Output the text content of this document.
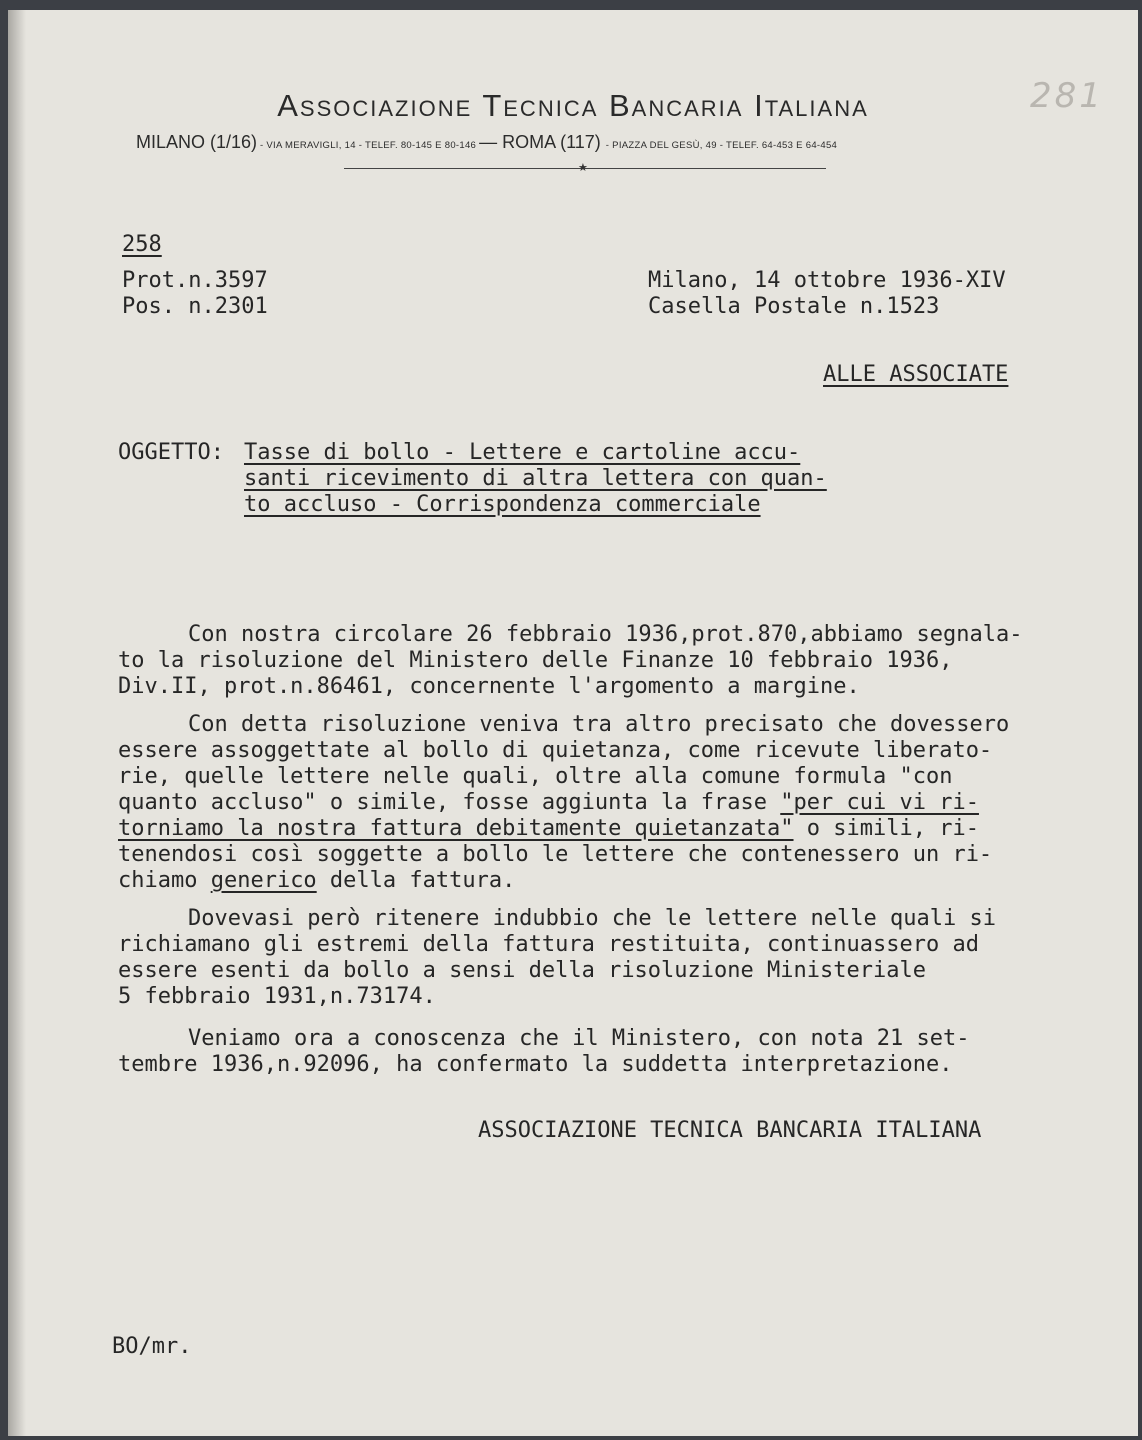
Associazione Tecnica Bancaria Italiana
MILANO (1/16) - VIA MERAVIGLI, 14 - TELEF. 80-145 E 80-146 — ROMA (117) - PIAZZA DEL GESÙ, 49 - TELEF. 64-453 E 64-454
★
281
258
Prot.n.3597
Pos. n.2301
Milano, 14 ottobre 1936-XIV
Casella Postale n.1523
ALLE ASSOCIATE
OGGETTO: Tasse di bollo - Lettere e cartoline accu-
santi ricevimento di altra lettera con quan-
to accluso - Corrispondenza commerciale
Con nostra circolare 26 febbraio 1936,prot.870,abbiamo segnala-
to la risoluzione del Ministero delle Finanze 10 febbraio 1936,
Div.II, prot.n.86461, concernente l'argomento a margine.
Con detta risoluzione veniva tra altro precisato che dovessero
essere assoggettate al bollo di quietanza, come ricevute liberato-
rie, quelle lettere nelle quali, oltre alla comune formula "con
quanto accluso" o simile, fosse aggiunta la frase "per cui vi ri-
torniamo la nostra fattura debitamente quietanzata" o simili, ri-
tenendosi così soggette a bollo le lettere che contenessero un ri-
chiamo generico della fattura.
Dovevasi però ritenere indubbio che le lettere nelle quali si
richiamano gli estremi della fattura restituita, continuassero ad
essere esenti da bollo a sensi della risoluzione Ministeriale
5 febbraio 1931,n.73174.
Veniamo ora a conoscenza che il Ministero, con nota 21 set-
tembre 1936,n.92096, ha confermato la suddetta interpretazione.
ASSOCIAZIONE TECNICA BANCARIA ITALIANA
BO/mr.
